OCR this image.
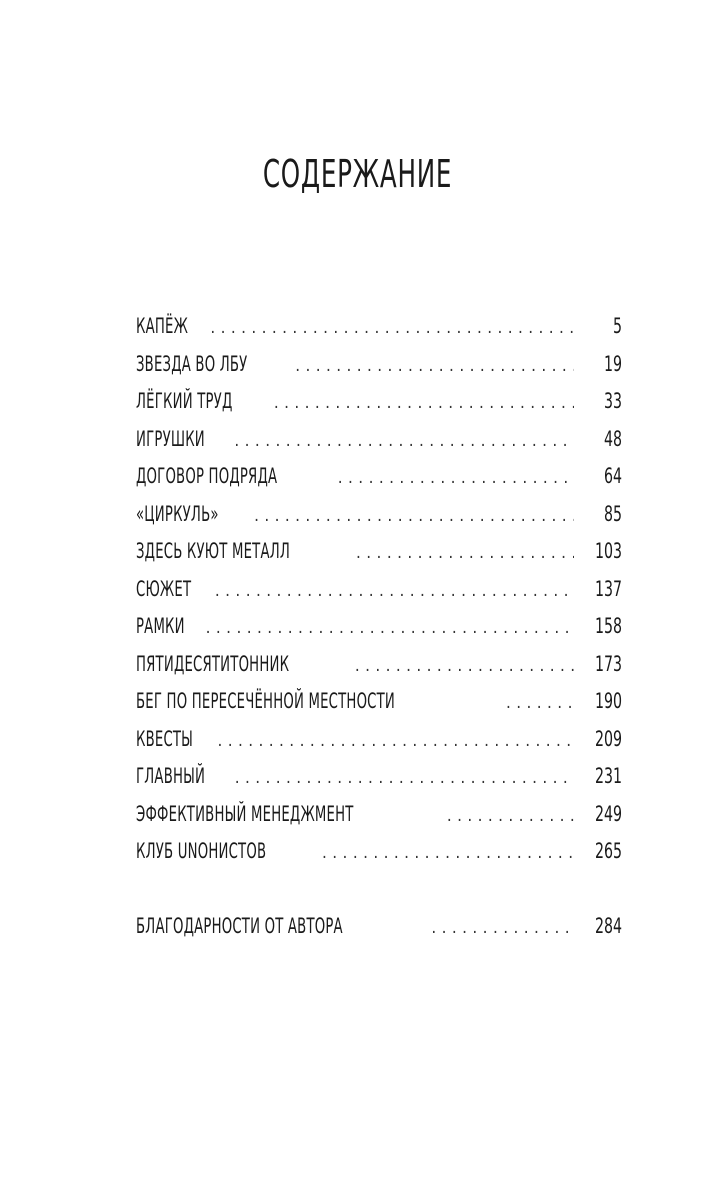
СОДЕРЖАНИЕ
КАПЁЖ .....	5
ЗВЕЗДА ВО ЛБУ .....	19
ЛЁГКИЙ ТРУД .....	33
ИГРУШКИ .....	48
ДОГОВОР ПОДРЯДА .....	64
«ЦИРКУЛЬ» .....	85
ЗДЕСЬ КУЮТ МЕТАЛЛ .....	103
СЮЖЕТ .....	137
РАМКИ .....	158
ПЯТИДЕСЯТИТОННИК .....	173
БЕГ ПО ПЕРЕСЕЧЁННОЙ МЕСТНОСТИ .....	190
КВЕСТЫ .....	209
ГЛАВНЫЙ .....	231
ЭФФЕКТИВНЫЙ МЕНЕДЖМЕНТ .....	249
КЛУБ UNOНИСТОВ .....	265
БЛАГОДАРНОСТИ ОТ АВТОРА .....	284
